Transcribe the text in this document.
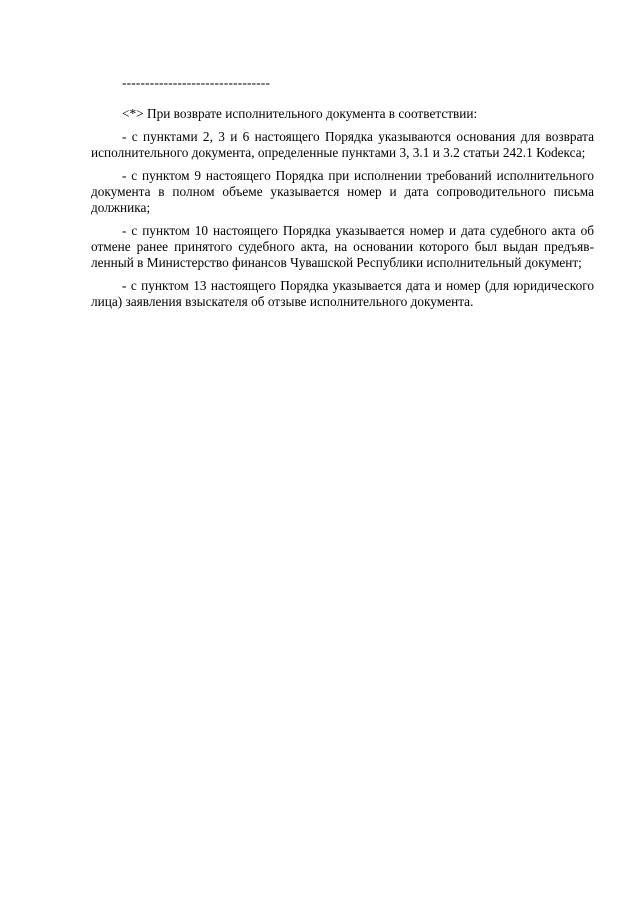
--------------------------------

<*> При возврате исполнительного документа в соответствии:

- с пунктами 2, 3 и 6 настоящего Порядка указываются основания для возврата исполнительного документа, определенные пунктами 3, 3.1 и 3.2 статьи 242.1 Коdекса;

- с пунктом 9 настоящего Порядка при исполнении требований исполнительного документа в полном объеме указывается номер и дата сопроводительного письма должника;

- с пунктом 10 настоящего Порядка указывается номер и дата судебного акта об отмене ранее принятого судебного акта, на основании которого был выдан предъявленный в Министерство финансов Чувашской Республики исполнительный документ;

- с пунктом 13 настоящего Порядка указывается дата и номер (для юридического лица) заявления взыскателя об отзыве исполнительного документа.
